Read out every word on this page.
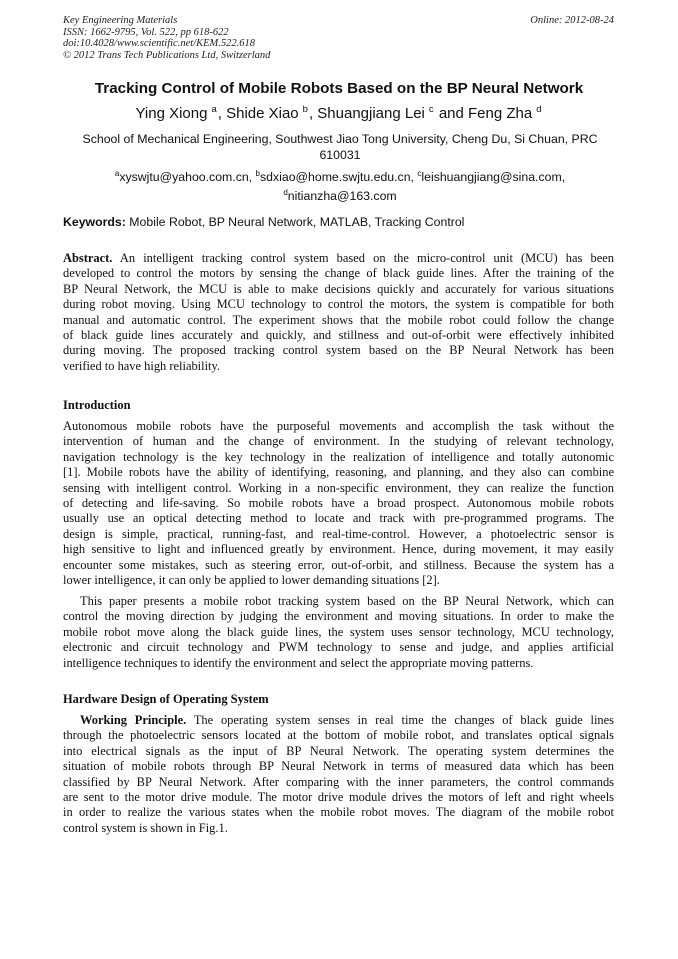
Key Engineering Materials
ISSN: 1662-9795, Vol. 522, pp 618-622
doi:10.4028/www.scientific.net/KEM.522.618
© 2012 Trans Tech Publications Ltd, Switzerland
Online: 2012-08-24
Tracking Control of Mobile Robots Based on the BP Neural Network
Ying Xiong $^a$, Shide Xiao $^b$, Shuangjiang Lei $^c$ and Feng Zha $^d$
School of Mechanical Engineering, Southwest Jiao Tong University, Cheng Du, Si Chuan, PRC
610031
$^a$xyswjtu@yahoo.com.cn, $^b$sdxiao@home.swjtu.edu.cn, $^c$leishuangjiang@sina.com,
$^d$nitianzha@163.com
Keywords: Mobile Robot, BP Neural Network, MATLAB, Tracking Control
Abstract. An intelligent tracking control system based on the micro-control unit (MCU) has been
developed to control the motors by sensing the change of black guide lines. After the training of the
BP Neural Network, the MCU is able to make decisions quickly and accurately for various situations
during robot moving. Using MCU technology to control the motors, the system is compatible for both
manual and automatic control. The experiment shows that the mobile robot could follow the change
of black guide lines accurately and quickly, and stillness and out-of-orbit were effectively inhibited
during moving. The proposed tracking control system based on the BP Neural Network has been
verified to have high reliability.
Introduction
Autonomous mobile robots have the purposeful movements and accomplish the task without the
intervention of human and the change of environment. In the studying of relevant technology,
navigation technology is the key technology in the realization of intelligence and totally autonomic
[1]. Mobile robots have the ability of identifying, reasoning, and planning, and they also can combine
sensing with intelligent control. Working in a non-specific environment, they can realize the function
of detecting and life-saving. So mobile robots have a broad prospect. Autonomous mobile robots
usually use an optical detecting method to locate and track with pre-programmed programs. The
design is simple, practical, running-fast, and real-time-control. However, a photoelectric sensor is
high sensitive to light and influenced greatly by environment. Hence, during movement, it may easily
encounter some mistakes, such as steering error, out-of-orbit, and stillness. Because the system has a
lower intelligence, it can only be applied to lower demanding situations [2].
This paper presents a mobile robot tracking system based on the BP Neural Network, which can
control the moving direction by judging the environment and moving situations. In order to make the
mobile robot move along the black guide lines, the system uses sensor technology, MCU technology,
electronic and circuit technology and PWM technology to sense and judge, and applies artificial
intelligence techniques to identify the environment and select the appropriate moving patterns.
Hardware Design of Operating System
Working Principle. The operating system senses in real time the changes of black guide lines
through the photoelectric sensors located at the bottom of mobile robot, and translates optical signals
into electrical signals as the input of BP Neural Network. The operating system determines the
situation of mobile robots through BP Neural Network in terms of measured data which has been
classified by BP Neural Network. After comparing with the inner parameters, the control commands
are sent to the motor drive module. The motor drive module drives the motors of left and right wheels
in order to realize the various states when the mobile robot moves. The diagram of the mobile robot
control system is shown in Fig.1.
